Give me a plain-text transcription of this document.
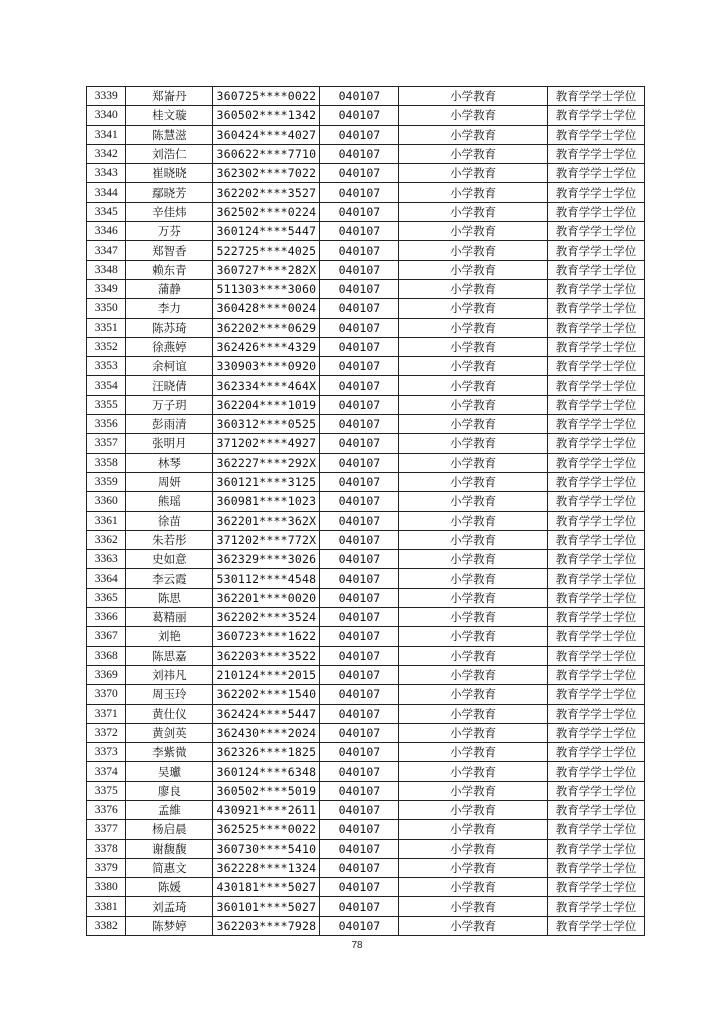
3339	郑崙丹	360725****0022	040107	小学教育	教育学学士学位
3340	桂文璇	360502****1342	040107	小学教育	教育学学士学位
3341	陈慧滋	360424****4027	040107	小学教育	教育学学士学位
3342	刘浩仁	360622****7710	040107	小学教育	教育学学士学位
3343	崔晓晓	362302****7022	040107	小学教育	教育学学士学位
3344	鄢晓芳	362202****3527	040107	小学教育	教育学学士学位
3345	辛佳炜	362502****0224	040107	小学教育	教育学学士学位
3346	万芬	360124****5447	040107	小学教育	教育学学士学位
3347	郑智香	522725****4025	040107	小学教育	教育学学士学位
3348	赖东青	360727****282X	040107	小学教育	教育学学士学位
3349	蒲静	511303****3060	040107	小学教育	教育学学士学位
3350	李力	360428****0024	040107	小学教育	教育学学士学位
3351	陈苏琦	362202****0629	040107	小学教育	教育学学士学位
3352	徐燕婷	362426****4329	040107	小学教育	教育学学士学位
3353	余柯谊	330903****0920	040107	小学教育	教育学学士学位
3354	汪晓倩	362334****464X	040107	小学教育	教育学学士学位
3355	万子玥	362204****1019	040107	小学教育	教育学学士学位
3356	彭雨清	360312****0525	040107	小学教育	教育学学士学位
3357	张明月	371202****4927	040107	小学教育	教育学学士学位
3358	林琴	362227****292X	040107	小学教育	教育学学士学位
3359	周妍	360121****3125	040107	小学教育	教育学学士学位
3360	熊瑶	360981****1023	040107	小学教育	教育学学士学位
3361	徐苗	362201****362X	040107	小学教育	教育学学士学位
3362	朱若彤	371202****772X	040107	小学教育	教育学学士学位
3363	史如意	362329****3026	040107	小学教育	教育学学士学位
3364	李云霞	530112****4548	040107	小学教育	教育学学士学位
3365	陈思	362201****0020	040107	小学教育	教育学学士学位
3366	葛精丽	362202****3524	040107	小学教育	教育学学士学位
3367	刘艳	360723****1622	040107	小学教育	教育学学士学位
3368	陈思嘉	362203****3522	040107	小学教育	教育学学士学位
3369	刘祎凡	210124****2015	040107	小学教育	教育学学士学位
3370	周玉玲	362202****1540	040107	小学教育	教育学学士学位
3371	黄仕仪	362424****5447	040107	小学教育	教育学学士学位
3372	黄剑英	362430****2024	040107	小学教育	教育学学士学位
3373	李紫微	362326****1825	040107	小学教育	教育学学士学位
3374	吴瓛	360124****6348	040107	小学教育	教育学学士学位
3375	廖良	360502****5019	040107	小学教育	教育学学士学位
3376	孟維	430921****2611	040107	小学教育	教育学学士学位
3377	杨启晨	362525****0022	040107	小学教育	教育学学士学位
3378	谢馥馥	360730****5410	040107	小学教育	教育学学士学位
3379	简惠文	362228****1324	040107	小学教育	教育学学士学位
3380	陈媛	430181****5027	040107	小学教育	教育学学士学位
3381	刘孟琦	360101****5027	040107	小学教育	教育学学士学位
3382	陈梦婷	362203****7928	040107	小学教育	教育学学士学位
78
